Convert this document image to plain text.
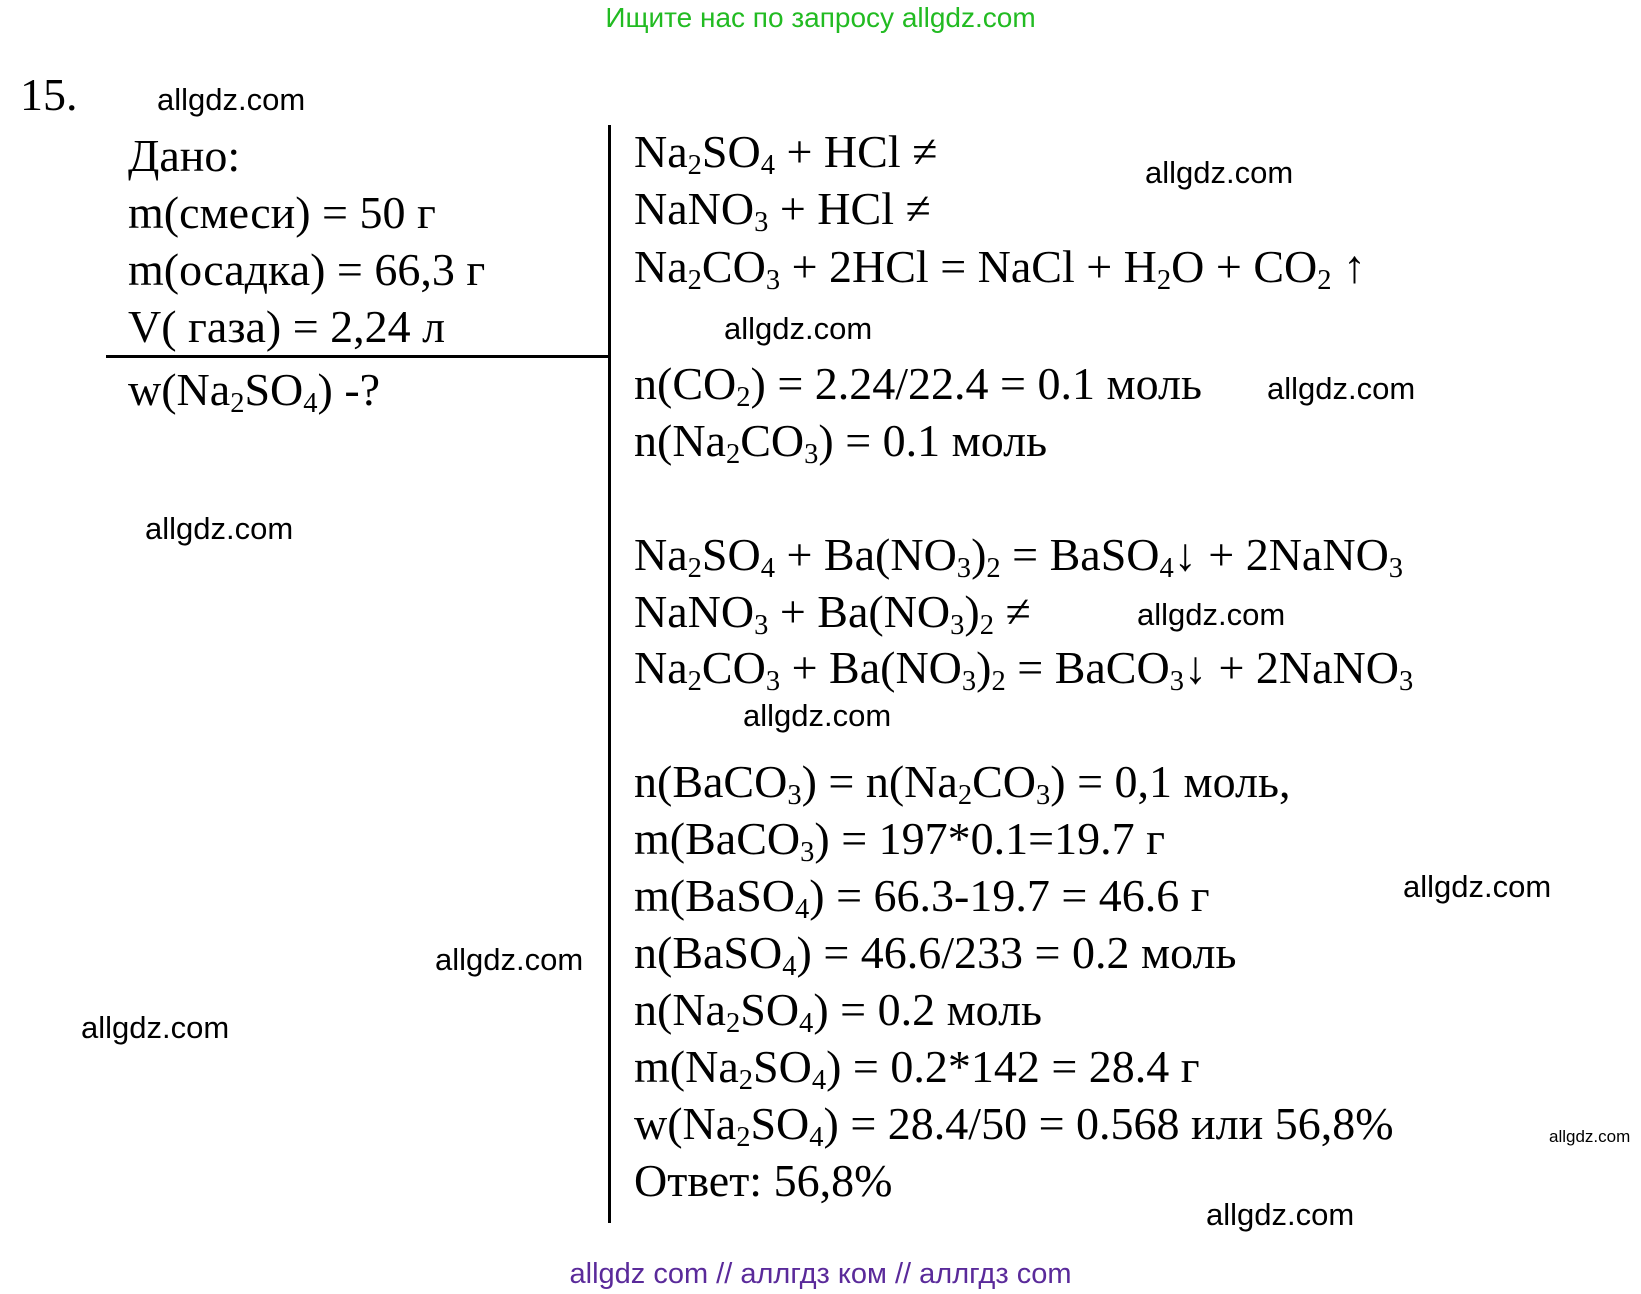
Ищите нас по запросу allgdz.com
15.
Дано:
m(смеси) = 50 г
m(осадка) = 66,3 г
V( газа) = 2,24 л
$w(Na_2SO_4)$ -?
$Na_2SO_4$ + HCl ≠
NaNO$_3$ + HCl ≠
$Na_2CO_3 + 2HCl$ = NaCl + $H_2O + CO_2$ ↑
$n(CO_2) = 2.24/22.4 = 0.1$ моль
$n(Na_2CO_3) = 0.1$ моль
$Na_2SO_4 + Ba(NO_3)_2$ = BaSO$_4$↓ + 2NaNO$_3$
NaNO$_3$ + $Ba(NO_3)_2$ ≠
$Na_2CO_3 + Ba(NO_3)_2$ = BaCO$_3$↓ + 2NaNO$_3$
n(BaCO$_3$) = $n(Na_2CO_3) = 0,1$ моль,
m(BaCO$_3$) = 197*0.1=19.7 г
m(BaSO$_4$) = 66.3-19.7 = 46.6 г
n(BaSO$_4$) = 46.6/233 = 0.2 моль
$n(Na_2SO_4) = 0.2$ моль
$m(Na_2SO_4) = 0.2*142 = 28.4$ г
$w(Na_2SO_4) = 28.4/50 = 0.568$ или 56,8%
Ответ: 56,8%
allgdz.com
allgdz.com
allgdz.com
allgdz.com
allgdz.com
allgdz.com
allgdz.com
allgdz.com
allgdz.com
allgdz.com
allgdz.com
allgdz.com
allgdz com // аллгдз ком // аллгдз com
